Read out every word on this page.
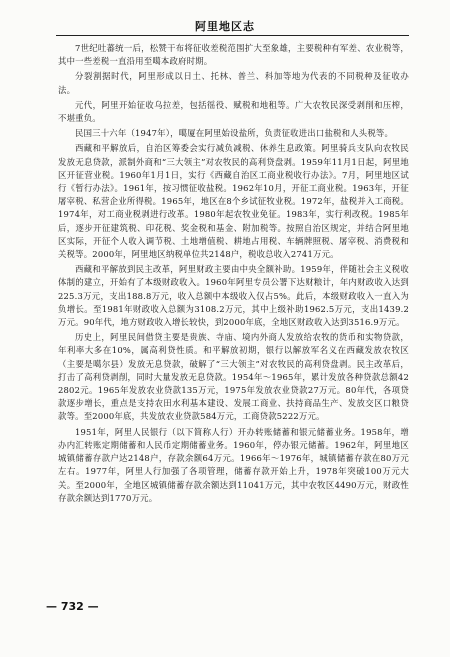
阿里地区志

7世纪吐蕃统一后，松赞干布将征收差税范围扩大至象雄，主要税种有军差、农业税等，其中一些差税一直沿用至噶本政府时期。

分裂割据时代，阿里形成以日土、托林、普兰、科加等地为代表的不同税种及征收办法。

元代，阿里开始征收乌拉差，包括徭役、赋税和地租等。广大农牧民深受剥削和压榨，不堪重负。

民国三十六年（1947年），噶厦在阿里始设盐所，负责征收进出口盐税和人头税等。

西藏和平解放后，自治区筹委会实行减负减税、休养生息政策。阿里骑兵支队向农牧民发放无息贷款，派制外商和“三大领主”对农牧民的高利贷盘剥。1959年11月1日起，阿里地区开征营业税。1960年1月1日，实行《西藏自治区工商业税收行办法》。7月，阿里地区试行《暂行办法》。1961年，按习惯征收盐税。1962年10月，开征工商业税。1963年，开征屠宰税、私营企业所得税。1965年，地区在8个乡试征牧业税。1972年，盐税并入工商税。1974年，对工商业税剥进行改革。1980年起农牧业免征。1983年，实行利改税。1985年后，逐步开征建筑税、印花税、奖金税和基金、附加税等。按照自治区规定，并结合阿里地区实际，开征个人收入调节税、土地增值税、耕地占用税、车辆牌照税、屠宰税、消费税和关税等。2000年，阿里地区纳税单位共2148户，税收总收入2741万元。

西藏和平解放到民主改革，阿里财政主要由中央全额补助。1959年，伴随社会主义税收体制的建立，开始有了本级财政收入。1960年阿里专员公署下达财粮计，年内财政收入达到225.3万元，支出188.8万元，收入总额中本级收入仅占5%。此后，本级财政收入一直入为负增长。至1981年财政收入总额为3108.2万元，其中上级补助1962.5万元，支出1439.2万元。90年代，地方财政收入增长较快，到2000年底，全地区财政收入达到3516.9万元。

历史上，阿里民间借贷主要是贵族、寺庙、境内外商人发放给农牧的货币和实物贷款，年利率大多在10%，属高利贷性质。和平解放初期，银行以解放军名义在西藏发放农牧区（主要是噶尔县）发放无息贷款，破解了“三大领主”对农牧民的高利贷盘剥。民主改革后，打击了高利贷剥削，同时大量发放无息贷款。1954年～1965年，累计发放各种贷款总额422802元。1965年发放农业贷款135万元，1975年发放农业贷款27万元。80年代，各项贷款逐步增长，重点是支持农田水利基本建设、发展工商业、扶持商品生产、发放交区口粮贷款等。至2000年底，共发放农业贷款584万元，工商贷款5222万元。

1951年，阿里人民银行（以下简称人行）开办转账储蓄和银元储蓄业务。1958年，增办内汇转账定期储蓄和人民币定期储蓄业务。1960年，停办银元储蓄。1962年，阿里地区城镇储蓄存款户达2148户，存款余额64万元。1966年～1976年，城镇储蓄存款在80万元左右。1977年，阿里人行加强了各项管理，储蓄存款开始上升，1978年突破100万元大关。至2000年，全地区城镇储蓄存款余额达到11041万元，其中农牧区4490万元，财政性存款余额达到1770万元。

— 732 —
